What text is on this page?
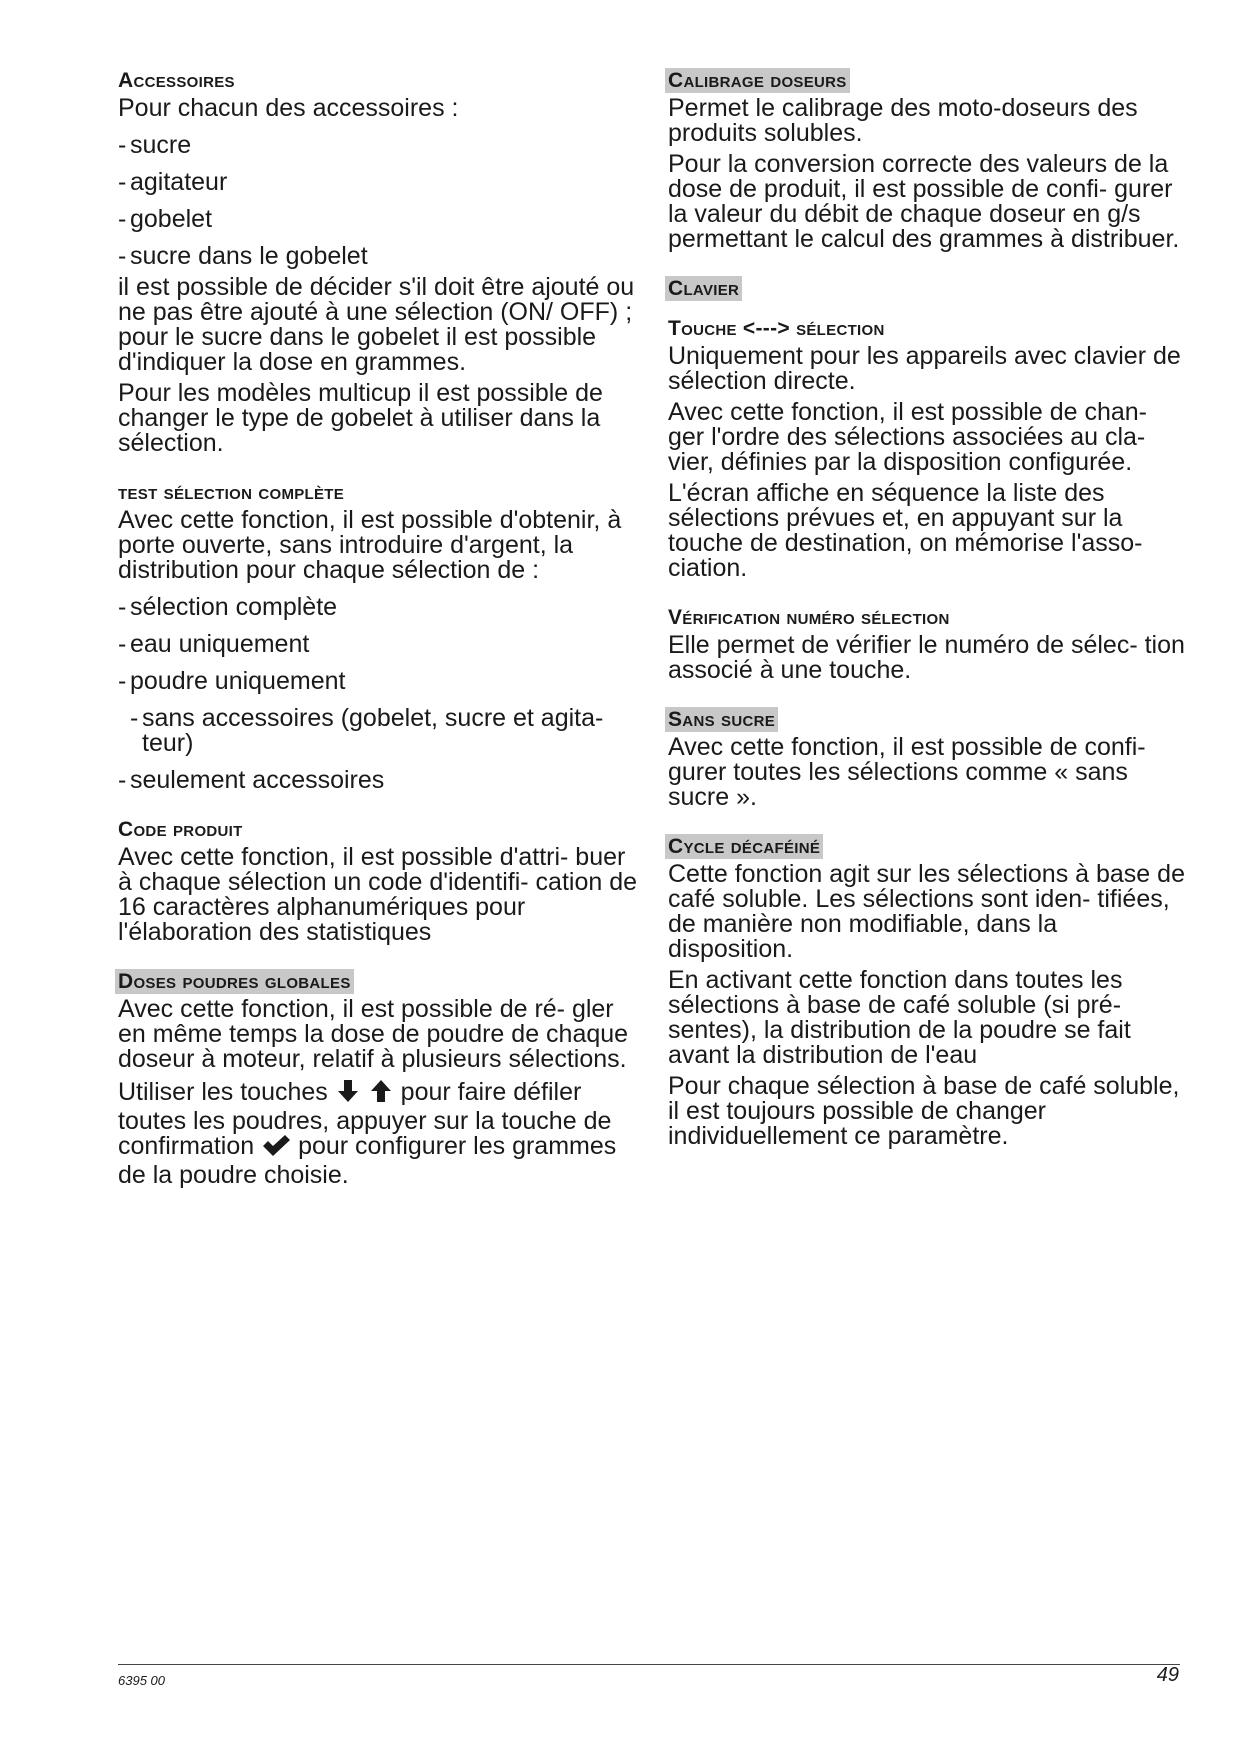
Accessoires
Pour chacun des accessoires :
- sucre
- agitateur
- gobelet
- sucre dans le gobelet
il est possible de décider s'il doit être ajouté ou ne pas être ajouté à une sélection (ON/ OFF) ; pour le sucre dans le gobelet il est possible d'indiquer la dose en grammes.
Pour les modèles multicup il est possible de changer le type de gobelet à utiliser dans la sélection.
test sélection complète
Avec cette fonction, il est possible d'obtenir, à porte ouverte, sans introduire d'argent, la distribution pour chaque sélection de :
- sélection complète
- eau uniquement
- poudre uniquement
- sans accessoires (gobelet, sucre et agita- teur)
- seulement accessoires
Code produit
Avec cette fonction, il est possible d'attri- buer à chaque sélection un code d'identifi- cation de 16 caractères alphanumériques pour l'élaboration des statistiques
Doses poudres globales
Avec cette fonction, il est possible de ré- gler en même temps la dose de poudre de chaque doseur à moteur, relatif à plusieurs sélections.
Utiliser les touches	pour faire défiler toutes les poudres, appuyer sur la touche de confirmation pour configurer les grammes de la poudre choisie.
Calibrage doseurs
Permet le calibrage des moto-doseurs des produits solubles.
Pour la conversion correcte des valeurs de la dose de produit, il est possible de confi- gurer la valeur du débit de chaque doseur en g/s permettant le calcul des grammes à distribuer.
Clavier
Touche <---> sélection
Uniquement pour les appareils avec clavier de sélection directe.
Avec cette fonction, il est possible de chan- ger l'ordre des sélections associées au cla- vier, définies par la disposition configurée.
L'écran affiche en séquence la liste des sélections prévues et, en appuyant sur la touche de destination, on mémorise l'asso- ciation.
Vérification numéro sélection
Elle permet de vérifier le numéro de sélec- tion associé à une touche.
Sans sucre
Avec cette fonction, il est possible de confi- gurer toutes les sélections comme « sans sucre ».
Cycle décaféiné
Cette fonction agit sur les sélections à base de café soluble. Les sélections sont iden- tifiées, de manière non modifiable, dans la disposition.
En activant cette fonction dans toutes les sélections à base de café soluble (si pré- sentes), la distribution de la poudre se fait avant la distribution de l'eau
Pour chaque sélection à base de café soluble, il est toujours possible de changer individuellement ce paramètre.
6395 00	49
